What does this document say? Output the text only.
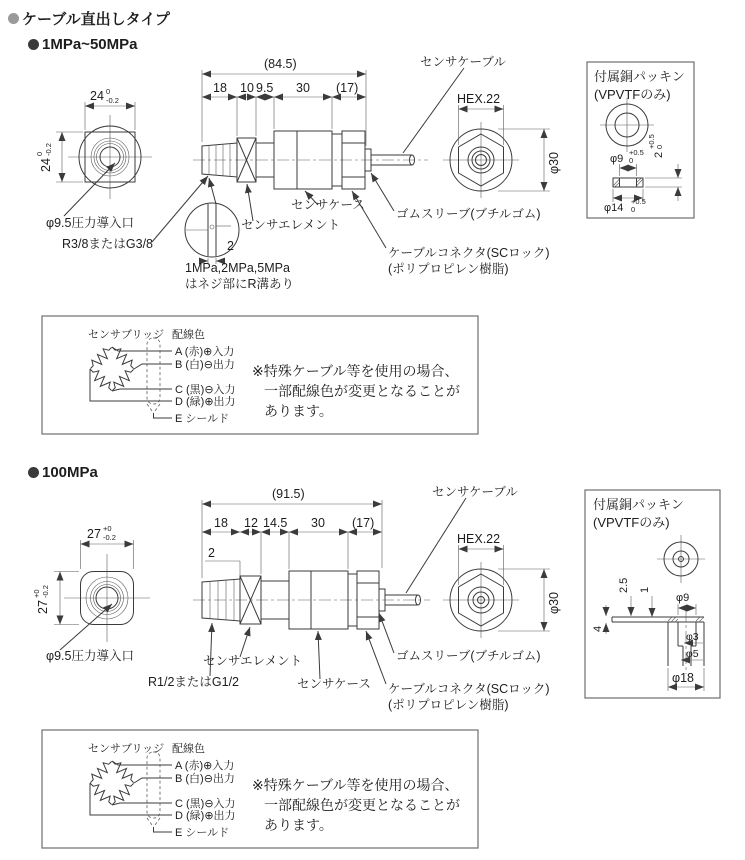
ケーブル直出しタイプ
1MPa~50MPa
100MPa
24 0
-0.2
24
0 -0.2
φ9.5圧力導入口
R3/8またはG3/8
(84.5)
18 10 9.5 30 (17)
センサケーブル
センサケース
センサエレメント
ゴムスリーブ(ブチルゴム)
ケーブルコネクタ(SCロック)
(ポリプロピレン樹脂)
2
1MPa,2MPa,5MPa
はネジ部にR溝あり
HEX.22
φ30
付属銅パッキン
(VPVTFのみ)
φ9
+0.5
0
2
+0.5 0
φ14
+0.5
0
センサブリッジ 配線色
A (赤)⊕入力
B (白)⊖出力
C (黒)⊖入力
D (緑)⊕出力
E シールド
※特殊ケーブル等を使用の場合、
一部配線色が変更となることが
あります。
27 +0
-0.2
27
+0 -0.2
φ9.5圧力導入口
R1/2またはG1/2
2
(91.5)
18 12 14.5 30 (17)
センサケーブル
センサエレメント
センサケース
ゴムスリーブ(ブチルゴム)
ケーブルコネクタ(SCロック)
(ポリプロピレン樹脂)
HEX.22
φ30
付属銅パッキン
(VPVTFのみ)
4
2.5 1
φ9
φ3
φ5
φ18
センサブリッジ 配線色
A (赤)⊕入力
B (白)⊖出力
C (黒)⊖入力
D (緑)⊕出力
E シールド
※特殊ケーブル等を使用の場合、
一部配線色が変更となることが
あります。
